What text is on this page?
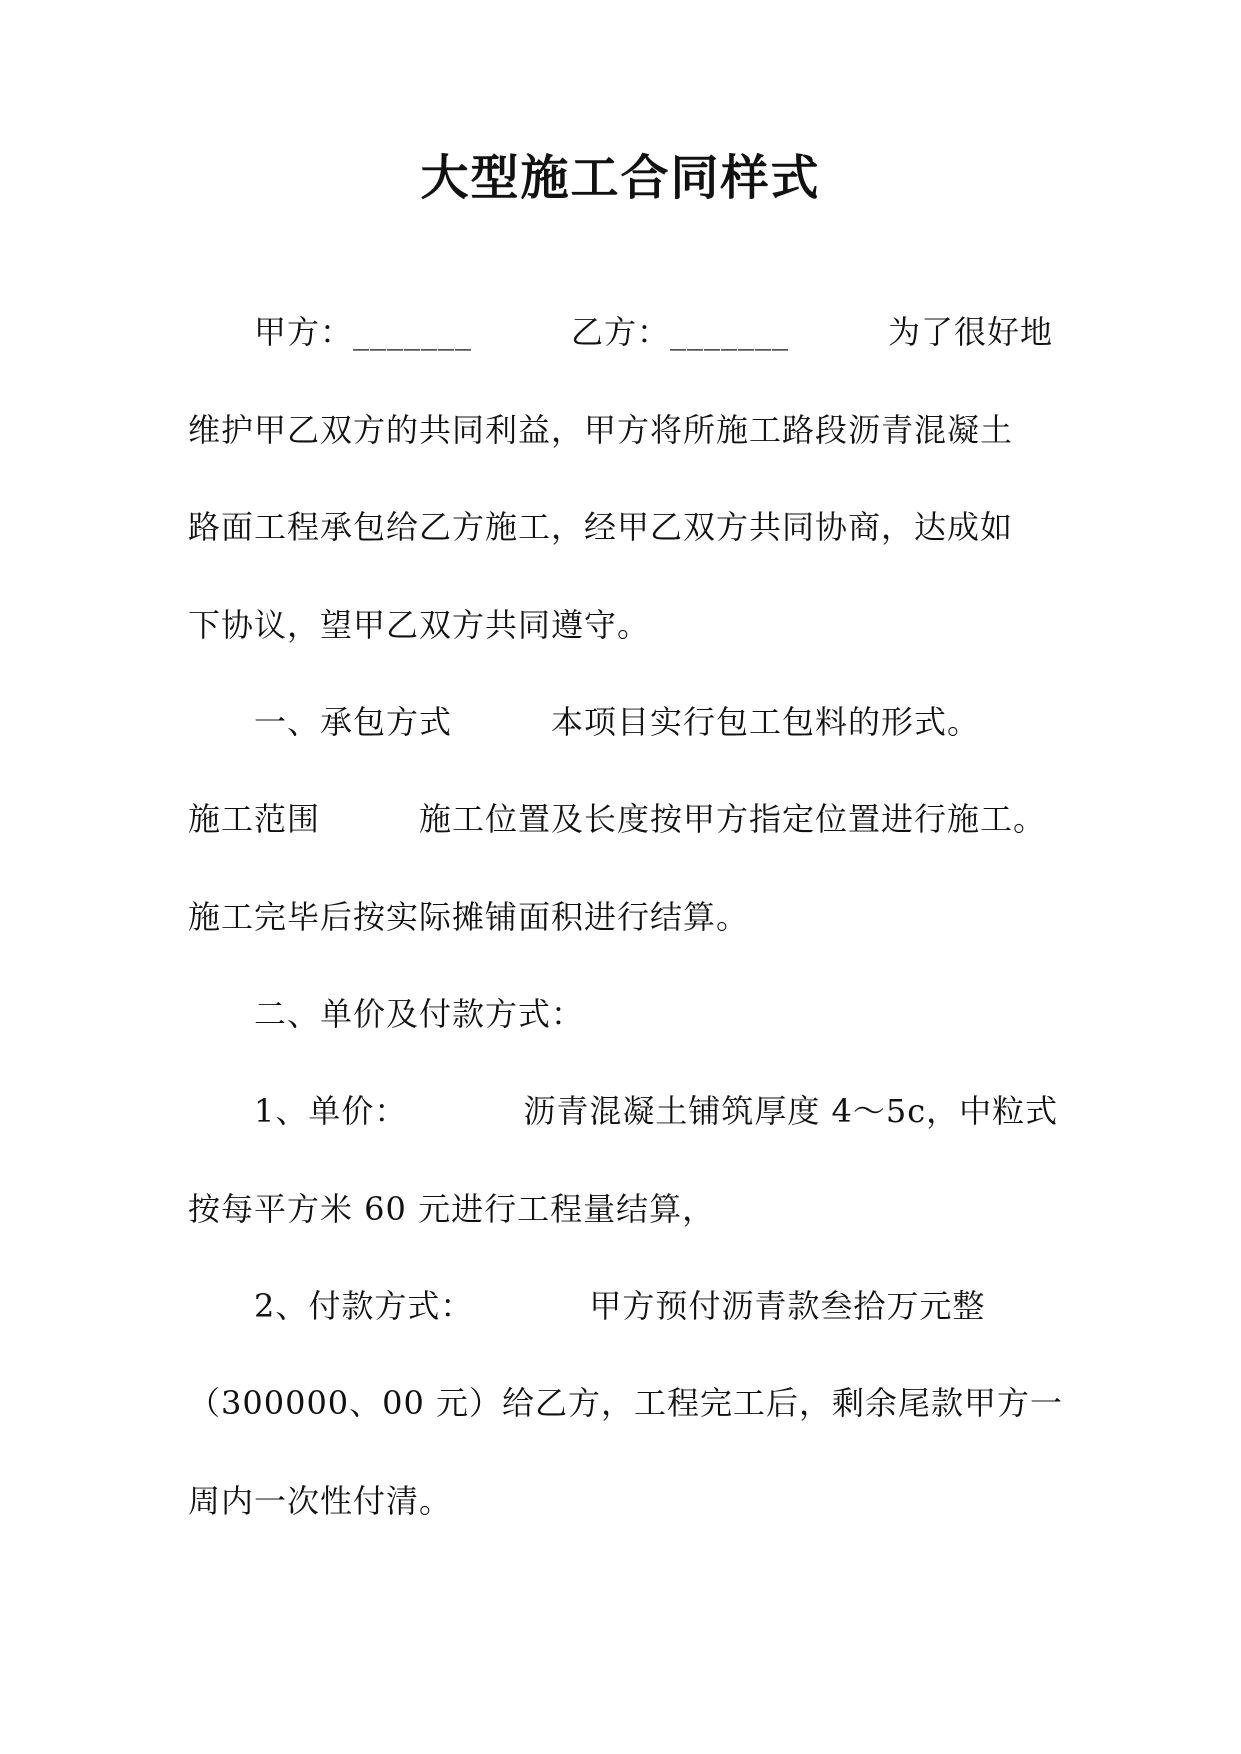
大型施工合同样式
甲方：_______　　　乙方：_______　　　为了很好地
维护甲乙双方的共同利益，甲方将所施工路段沥青混凝土
路面工程承包给乙方施工，经甲乙双方共同协商，达成如
下协议，望甲乙双方共同遵守。
一、承包方式　　　本项目实行包工包料的形式。
施工范围　　　施工位置及长度按甲方指定位置进行施工。
施工完毕后按实际摊铺面积进行结算。
二、单价及付款方式：
1、单价：　　　　沥青混凝土铺筑厚度 4～5c，中粒式
按每平方米 60 元进行工程量结算，
2、付款方式：　　　　甲方预付沥青款叁拾万元整
（300000、00 元）给乙方，工程完工后，剩余尾款甲方一
周内一次性付清。
